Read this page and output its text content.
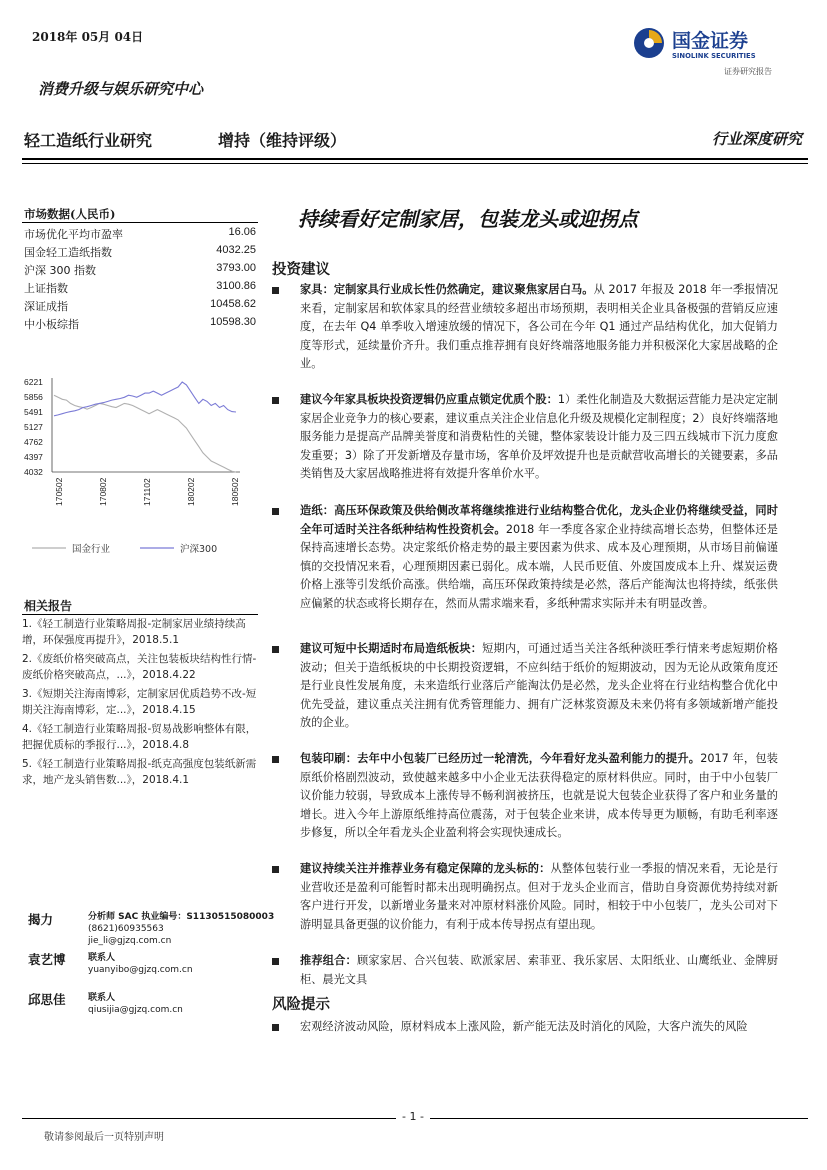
2018年 05月 04日	国金证券
SINOLINK SECURITIES
证券研究报告
消费升级与娱乐研究中心
轻工造纸行业研究	增持（维持评级）	行业深度研究
市场数据(人民币)
市场优化平均市盈率	16.06
国金轻工造纸指数	4032.25
沪深 300 指数	3793.00
上证指数	3100.86
深证成指	10458.62
中小板综指	10598.30
6221
5856
5491
5127
4762
4397
4032
170502	170802	171102	180202	180502
国金行业	沪深300
相关报告
1.《轻工制造行业策略周报-定制家居业绩持续高增，环保强度再提升》，2018.5.1
2.《废纸价格突破高点，关注包装板块结构性行情-废纸价格突破高点，...》，2018.4.22
3.《短期关注海南博彩，定制家居优质趋势不改-短期关注海南博彩，定...》，2018.4.15
4.《轻工制造行业策略周报-贸易战影响整体有限，把握优质标的季报行...》，2018.4.8
5.《轻工制造行业策略周报-纸克高强度包装纸新需求，地产龙头销售数...》，2018.4.1
揭力	分析师 SAC 执业编号：S1130515080003
(8621)60935563
jie_li@gjzq.com.cn
袁艺博 联系人
yuanyibo@gjzq.com.cn
邱思佳 联系人
qiusijia@gjzq.com.cn
持续看好定制家居，包装龙头或迎拐点
投资建议
家具：定制家具行业成长性仍然确定，建议聚焦家居白马。从 2017 年报及 2018 年一季报情况来看，定制家居和软体家具的经营业绩较多超出市场预期，表明相关企业具备极强的营销反应速度，在去年 Q4 单季收入增速放缓的情况下，各公司在今年 Q1 通过产品结构优化，加大促销力度等形式，延续量价齐升。我们重点推荐拥有良好终端落地服务能力并积极深化大家居战略的企业。
建议今年家具板块投资逻辑仍应重点锁定优质个股：1）柔性化制造及大数据运营能力是决定定制家居企业竞争力的核心要素，建议重点关注企业信息化升级及规模化定制程度；2）良好终端落地服务能力是提高产品牌美誉度和消费粘性的关键，整体家装设计能力及三四五线城市下沉力度愈发重要；3）除了开发新增及存量市场，客单价及坪效提升也是贡献营收高增长的关键要素，多品类销售及大家居战略推进将有效提升客单价水平。
造纸：高压环保政策及供给侧改革将继续推进行业结构整合优化，龙头企业仍将继续受益，同时全年可适时关注各纸种结构性投资机会。2018 年一季度各家企业持续高增长态势，但整体还是保持高速增长态势。决定浆纸价格走势的最主要因素为供求、成本及心理预期，从市场目前偏谨慎的交投情况来看，心理预期因素已弱化。成本端，人民币贬值、外废国废成本上升、煤炭运费价格上涨等引发纸价高涨。供给端，高压环保政策持续是必然，落后产能淘汰也将持续，纸张供应偏紧的状态或将长期存在，然而从需求端来看，多纸种需求实际并未有明显改善。
建议可短中长期适时布局造纸板块：短期内，可通过适当关注各纸种淡旺季行情来考虑短期价格波动；但关于造纸板块的中长期投资逻辑，不应纠结于纸价的短期波动，因为无论从政策角度还是行业良性发展角度，未来造纸行业落后产能淘汰仍是必然，龙头企业将在行业结构整合优化中优先受益，建议重点关注拥有优秀管理能力、拥有广泛林浆资源及未来仍将有多领域新增产能投放的企业。
包装印刷：去年中小包装厂已经历过一轮清洗，今年看好龙头盈利能力的提升。2017 年，包装原纸价格剧烈波动，致使越来越多中小企业无法获得稳定的原材料供应。同时，由于中小包装厂议价能力较弱，导致成本上涨传导不畅利润被挤压，也就是说大包装企业获得了客户和业务量的增长。进入今年上游原纸维持高位震荡，对于包装企业来讲，成本传导更为顺畅，有助毛利率逐步修复，所以全年看龙头企业盈利将会实现快速成长。
建议持续关注并推荐业务有稳定保障的龙头标的：从整体包装行业一季报的情况来看，无论是行业营收还是盈利可能暂时都未出现明确拐点。但对于龙头企业而言，借助自身资源优势持续对新客户进行开发，以新增业务量来对冲原材料涨价风险。同时，相较于中小包装厂，龙头公司对下游明显具备更强的议价能力，有利于成本传导拐点有望出现。
推荐组合：顾家家居、合兴包装、欧派家居、索菲亚、我乐家居、太阳纸业、山鹰纸业、金牌厨柜、晨光文具
风险提示
宏观经济波动风险，原材料成本上涨风险，新产能无法及时消化的风险，大客户流失的风险
- 1 -
敬请参阅最后一页特别声明
